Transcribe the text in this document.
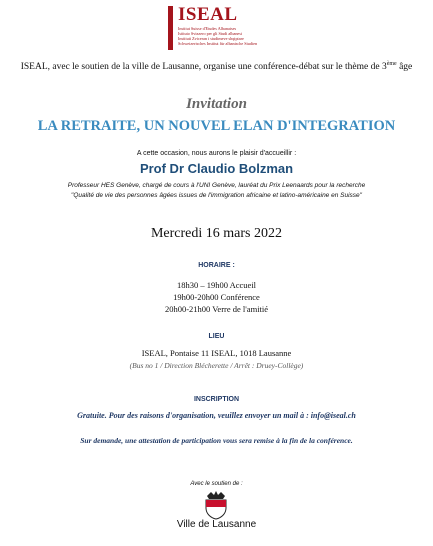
ISEAL
Institut Suisse d'Etudes Albanaises
Istituto Svizzero per gli Studi albanesi
Instituti Zviceran i studimeve shqiptare
Schweizerisches Institut für albanische Studien
ISEAL, avec le soutien de la ville de Lausanne, organise une conférence-débat sur le thème de 3ème âge
Invitation
LA RETRAITE, UN NOUVEL ELAN D'INTEGRATION
A cette occasion, nous aurons le plaisir d'accueillir :
Prof Dr Claudio Bolzman
Professeur HES Genève, chargé de cours à l'UNI Genève, lauréat du Prix Leenaards pour la recherche
"Qualité de vie des personnes âgées issues de l'immigration africaine et latino-américaine en Suisse"
Mercredi 16 mars 2022
HORAIRE :
18h30 – 19h00 Accueil
19h00-20h00 Conférence
20h00-21h00 Verre de l'amitié
LIEU
ISEAL, Pontaise 11 ISEAL, 1018 Lausanne
(Bus no 1 / Direction Blécherette / Arrêt : Druey-Collège)
INSCRIPTION
Gratuite. Pour des raisons d'organisation, veuillez envoyer un mail à : info@iseal.ch
Sur demande, une attestation de participation vous sera remise à la fin de la conférence.
Avec le soutien de :
Ville de Lausanne
